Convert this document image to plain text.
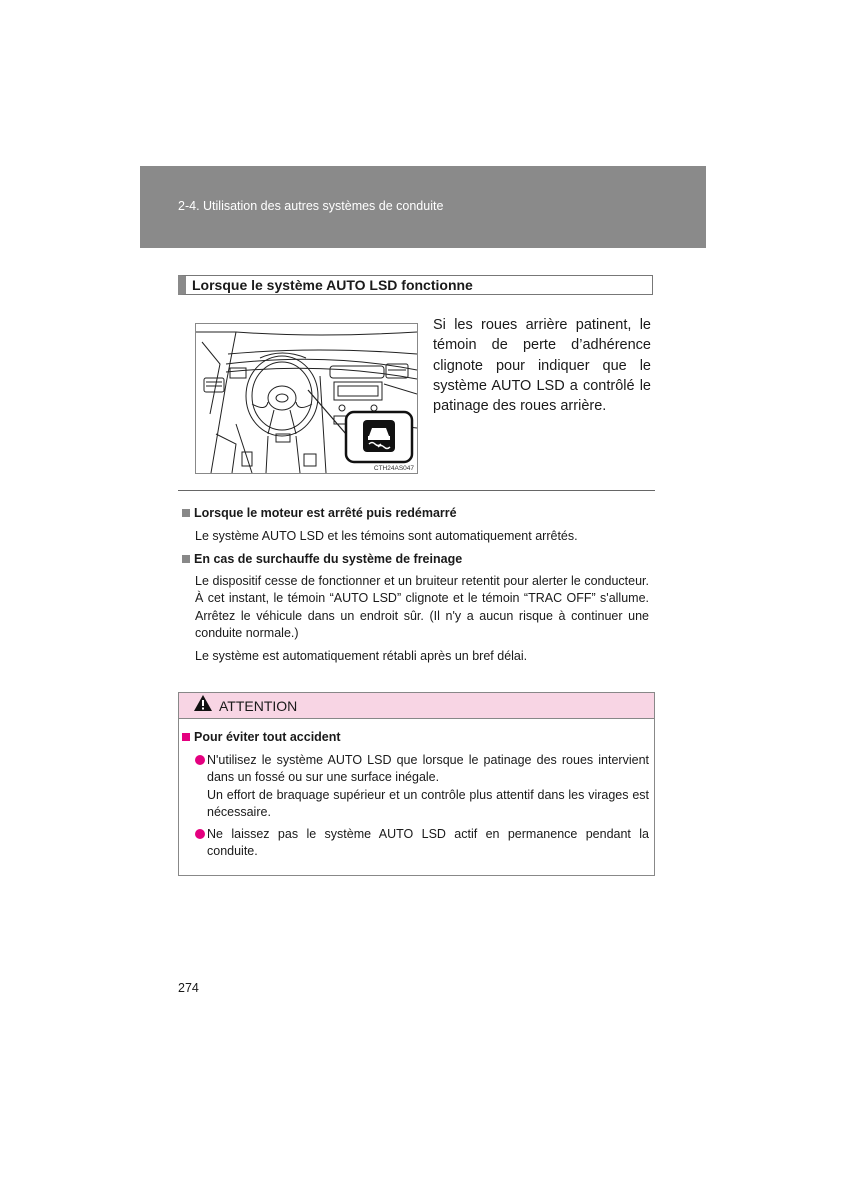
2-4. Utilisation des autres systèmes de conduite
Lorsque le système AUTO LSD fonctionne
CTH24AS047
Si les roues arrière patinent, le témoin de perte d’adhérence clignote pour indiquer que le système AUTO LSD a contrôlé le patinage des roues arrière.
Lorsque le moteur est arrêté puis redémarré
Le système AUTO LSD et les témoins sont automatiquement arrêtés.
En cas de surchauffe du système de freinage
Le dispositif cesse de fonctionner et un bruiteur retentit pour alerter le conducteur. À cet instant, le témoin “AUTO LSD” clignote et le témoin “TRAC OFF” s'allume. Arrêtez le véhicule dans un endroit sûr. (Il n'y a aucun risque à continuer une conduite normale.)
Le système est automatiquement rétabli après un bref délai.
ATTENTION
Pour éviter tout accident
N'utilisez le système AUTO LSD que lorsque le patinage des roues intervient dans un fossé ou sur une surface inégale.
Un effort de braquage supérieur et un contrôle plus attentif dans les virages est nécessaire.
Ne laissez pas le système AUTO LSD actif en permanence pendant la conduite.
274
